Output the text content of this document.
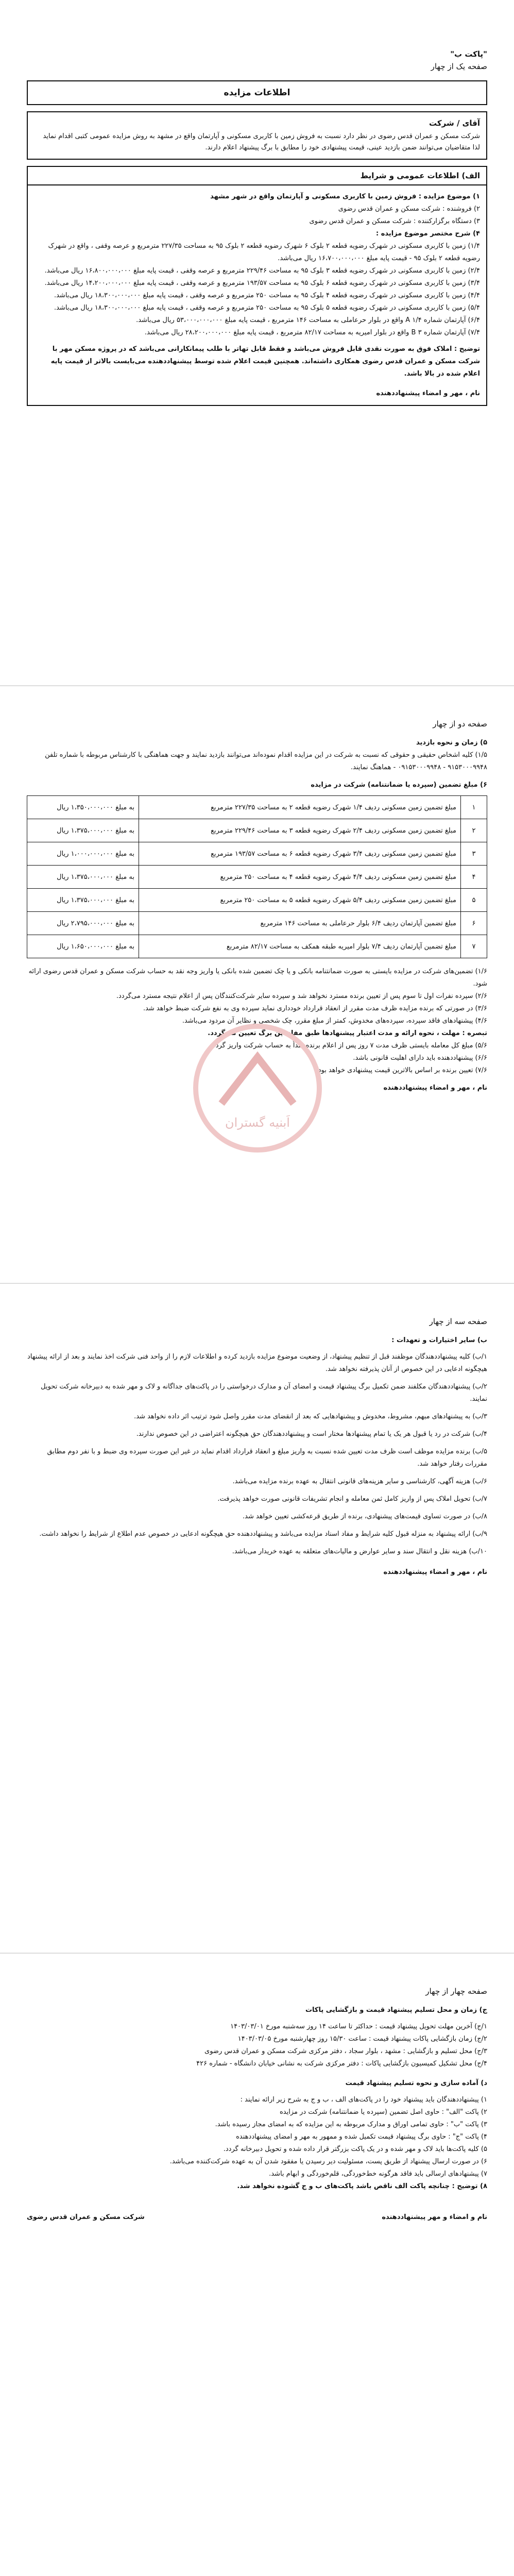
"پاکت ب"

صفحه یک از چهار

اطلاعات مزایده
آقای / شرکت
شرکت مسکن و عمران قدس رضوی در نظر دارد نسبت به فروش زمین با کاربری مسکونی و آپارتمان واقع در مشهد به روش مزایده عمومی کتبی اقدام نماید لذا متقاضیان می‌توانند ضمن بازدید عینی، قیمت پیشنهادی خود را مطابق با برگ پیشنهاد اعلام دارند.
الف) اطلاعات عمومی و شرایط
۱) موضوع مزایده : فروش زمین با کاربری مسکونی و آپارتمان واقع در شهر مشهد
۲) فروشنده : شرکت مسکن و عمران قدس رضوی
۳) دستگاه برگزارکننده : شرکت مسکن و عمران قدس رضوی
۴) شرح مختصر موضوع مزایده :
۱/۴) زمین با کاربری مسکونی در شهرک رضویه قطعه ۲ بلوک ۶ شهرک رضویه قطعه ۲ بلوک ۹۵ به مساحت ۲۲۷/۳۵ مترمربع و عرصه وقفی ، واقع در شهرک رضویه قطعه ۲ بلوک ۹۵ - قیمت پایه مبلغ ۱۶،۷۰۰،۰۰۰،۰۰۰ ریال می‌باشد.
۲/۴) زمین با کاربری مسکونی در شهرک رضویه قطعه ۳ بلوک ۹۵ به مساحت ۲۲۹/۴۶ مترمربع و عرصه وقفی ، قیمت پایه مبلغ ۱۶،۸۰۰،۰۰۰،۰۰۰ ریال می‌باشد.
۳/۴) زمین با کاربری مسکونی در شهرک رضویه قطعه ۶ بلوک ۹۵ به مساحت ۱۹۳/۵۷ مترمربع و عرصه وقفی ، قیمت پایه مبلغ ۱۴،۲۰۰،۰۰۰،۰۰۰ ریال می‌باشد.
۴/۴) زمین با کاربری مسکونی در شهرک رضویه قطعه ۴ بلوک ۹۵ به مساحت ۲۵۰ مترمربع و عرصه وقفی ، قیمت پایه مبلغ ۱۸،۳۰۰،۰۰۰،۰۰۰ ریال می‌باشد.
۵/۴) زمین با کاربری مسکونی در شهرک رضویه قطعه ۵ بلوک ۹۵ به مساحت ۲۵۰ مترمربع و عرصه وقفی ، قیمت پایه مبلغ ۱۸،۳۰۰،۰۰۰،۰۰۰ ریال می‌باشد.
۶/۴) آپارتمان شماره A ۱/۴ واقع در بلوار حرعاملی به مساحت ۱۴۶ مترمربع ، قیمت پایه مبلغ ۵۳،۰۰۰،۰۰۰،۰۰۰ ریال می‌باشد.
۷/۴) آپارتمان شماره B ۳ واقع در بلوار امیریه به مساحت ۸۲/۱۷ مترمربع ، قیمت پایه مبلغ ۲۸،۲۰۰،۰۰۰،۰۰۰ ریال می‌باشد.
توضیح : املاک فوق به صورت نقدی قابل فروش می‌باشد و فقط قابل تهاتر با طلب پیمانکارانی می‌باشد که در پروژه مسکن مهر با شرکت مسکن و عمران قدس رضوی همکاری داشته‌اند. همچنین قیمت اعلام شده توسط پیشنهاددهنده می‌بایست بالاتر از قیمت پایه اعلام شده در بالا باشد.
نام ، مهر و امضاء پیشنهاددهنده

صفحه دو از چهار

۵) زمان و نحوه بازدید

۱/۵) کلیه اشخاص حقیقی و حقوقی که نسبت به شرکت در این مزایده اقدام نموده‌اند می‌توانند بازدید نمایند و جهت هماهنگی با کارشناس مربوطه با شماره تلفن ۹۱۵۳۰۰۰۹۹۴۸ - ۰۹۱۵۳۰۰۰۹۹۴۸ - هماهنگ نمایند.

۶) مبلغ تضمین (سپرده یا ضمانتنامه) شرکت در مزایده

۱	مبلغ تضمین زمین مسکونی ردیف ۱/۴ شهرک رضویه قطعه ۲ به مساحت ۲۲۷/۳۵ مترمربع	به مبلغ ۱،۳۵۰،۰۰۰،۰۰۰ ریال
۲	مبلغ تضمین زمین مسکونی ردیف ۲/۴ شهرک رضویه قطعه ۳ به مساحت ۲۲۹/۴۶ مترمربع	به مبلغ ۱،۳۷۵،۰۰۰،۰۰۰ ریال
۳	مبلغ تضمین زمین مسکونی ردیف ۳/۴ شهرک رضویه قطعه ۶ به مساحت ۱۹۳/۵۷ مترمربع	به مبلغ ۱،۰۰۰،۰۰۰،۰۰۰ ریال
۴	مبلغ تضمین زمین مسکونی ردیف ۴/۴ شهرک رضویه قطعه ۴ به مساحت ۲۵۰ مترمربع	به مبلغ ۱،۳۷۵،۰۰۰،۰۰۰ ریال
۵	مبلغ تضمین زمین مسکونی ردیف ۵/۴ شهرک رضویه قطعه ۵ به مساحت ۲۵۰ مترمربع	به مبلغ ۱،۳۷۵،۰۰۰،۰۰۰ ریال
۶	مبلغ تضمین آپارتمان ردیف ۶/۴ بلوار حرعاملی به مساحت ۱۴۶ مترمربع	به مبلغ ۲،۷۹۵،۰۰۰،۰۰۰ ریال
۷	مبلغ تضمین آپارتمان ردیف ۷/۴ بلوار امیریه طبقه همکف به مساحت ۸۲/۱۷ مترمربع	به مبلغ ۱،۶۵۰،۰۰۰،۰۰۰ ریال

۱/۶) تضمین‌های شرکت در مزایده بایستی به صورت ضمانتنامه بانکی و یا چک تضمین شده بانکی یا واریز وجه نقد به حساب شرکت مسکن و عمران قدس رضوی ارائه شود.

۲/۶) سپرده نفرات اول تا سوم پس از تعیین برنده مسترد نخواهد شد و سپرده سایر شرکت‌کنندگان پس از اعلام نتیجه مسترد می‌گردد.

۳/۶) در صورتی که برنده مزایده ظرف مدت مقرر از انعقاد قرارداد خودداری نماید سپرده وی به نفع شرکت ضبط خواهد شد.

۴/۶) پیشنهادهای فاقد سپرده، سپرده‌های مخدوش، کمتر از مبلغ مقرر، چک شخصی و نظایر آن مردود می‌باشد.

تبصره : مهلت ، نحوه ارائه و مدت اعتبار پیشنهادها طبق مفاد این برگ تعیین می‌گردد.

۵/۶) مبلغ کل معامله بایستی ظرف مدت ۷ روز پس از اعلام برنده نقداً به حساب شرکت واریز گردد.

۶/۶) پیشنهاددهنده باید دارای اهلیت قانونی باشد.

۷/۶) تعیین برنده بر اساس بالاترین قیمت پیشنهادی خواهد بود.

نام ، مهر و امضاء پیشنهاددهنده

اَبنیه گستران

صفحه سه از چهار

ب) سایر اختیارات و تعهدات :

۱/ب) کلیه پیشنهاددهندگان موظفند قبل از تنظیم پیشنهاد، از وضعیت موضوع مزایده بازدید کرده و اطلاعات لازم را از واحد فنی شرکت اخذ نمایند و بعد از ارائه پیشنهاد هیچگونه ادعایی در این خصوص از آنان پذیرفته نخواهد شد.

۲/ب) پیشنهاددهندگان مکلفند ضمن تکمیل برگ پیشنهاد قیمت و امضای آن و مدارک درخواستی را در پاکت‌های جداگانه و لاک و مهر شده به دبیرخانه شرکت تحویل نمایند.

۳/ب) به پیشنهادهای مبهم، مشروط، مخدوش و پیشنهادهایی که بعد از انقضای مدت مقرر واصل شود ترتیب اثر داده نخواهد شد.

۴/ب) شرکت در رد یا قبول هر یک یا تمام پیشنهادها مختار است و پیشنهاددهندگان حق هیچگونه اعتراضی در این خصوص ندارند.

۵/ب) برنده مزایده موظف است ظرف مدت تعیین شده نسبت به واریز مبلغ و انعقاد قرارداد اقدام نماید در غیر این صورت سپرده وی ضبط و با نفر دوم مطابق مقررات رفتار خواهد شد.

۶/ب) هزینه آگهی، کارشناسی و سایر هزینه‌های قانونی انتقال به عهده برنده مزایده می‌باشد.

۷/ب) تحویل املاک پس از واریز کامل ثمن معامله و انجام تشریفات قانونی صورت خواهد پذیرفت.

۸/ب) در صورت تساوی قیمت‌های پیشنهادی، برنده از طریق قرعه‌کشی تعیین خواهد شد.

۹/ب) ارائه پیشنهاد به منزله قبول کلیه شرایط و مفاد اسناد مزایده می‌باشد و پیشنهاددهنده حق هیچگونه ادعایی در خصوص عدم اطلاع از شرایط را نخواهد داشت.

۱۰/ب) هزینه نقل و انتقال سند و سایر عوارض و مالیات‌های متعلقه به عهده خریدار می‌باشد.

نام ، مهر و امضاء پیشنهاددهنده

صفحه چهار از چهار

ج) زمان و محل تسلیم پیشنهاد قیمت و بازگشایی پاکات

۱/ج) آخرین مهلت تحویل پیشنهاد قیمت : حداکثر تا ساعت ۱۴ روز سه‌شنبه مورخ ۱۴۰۳/۰۳/۰۱

۲/ج) زمان بازگشایی پاکات پیشنهاد قیمت : ساعت ۱۵/۳۰ روز چهارشنبه مورخ ۱۴۰۳/۰۳/۰۵

۳/ج) محل تسلیم و بازگشایی : مشهد ، بلوار سجاد ، دفتر مرکزی شرکت مسکن و عمران قدس رضوی

۴/ج) محل تشکیل کمیسیون بازگشایی پاکات : دفتر مرکزی شرکت به نشانی خیابان دانشگاه - شماره ۴۲۶

د) آماده سازی و نحوه تسلیم پیشنهاد قیمت

۱) پیشنهاددهندگان باید پیشنهاد خود را در پاکت‌های الف ، ب و ج به شرح زیر ارائه نمایند :

۲) پاکت "الف" : حاوی اصل تضمین (سپرده یا ضمانتنامه) شرکت در مزایده

۳) پاکت "ب" : حاوی تمامی اوراق و مدارک مربوطه به این مزایده که به امضای مجاز رسیده باشد.

۴) پاکت "ج" : حاوی برگ پیشنهاد قیمت تکمیل شده و ممهور به مهر و امضای پیشنهاددهنده

۵) کلیه پاکت‌ها باید لاک و مهر شده و در یک پاکت بزرگتر قرار داده شده و تحویل دبیرخانه گردد.

۶) در صورت ارسال پیشنهاد از طریق پست، مسئولیت دیر رسیدن یا مفقود شدن آن به عهده شرکت‌کننده می‌باشد.

۷) پیشنهادهای ارسالی باید فاقد هرگونه خط‌خوردگی، قلم‌خوردگی و ابهام باشد.

۸) توضیح : چنانچه پاکت الف ناقص باشد پاکت‌های ب و ج گشوده نخواهد شد.

نام و امضاء و مهر پیشنهاددهنده
شرکت مسکن و عمران قدس رضوی
